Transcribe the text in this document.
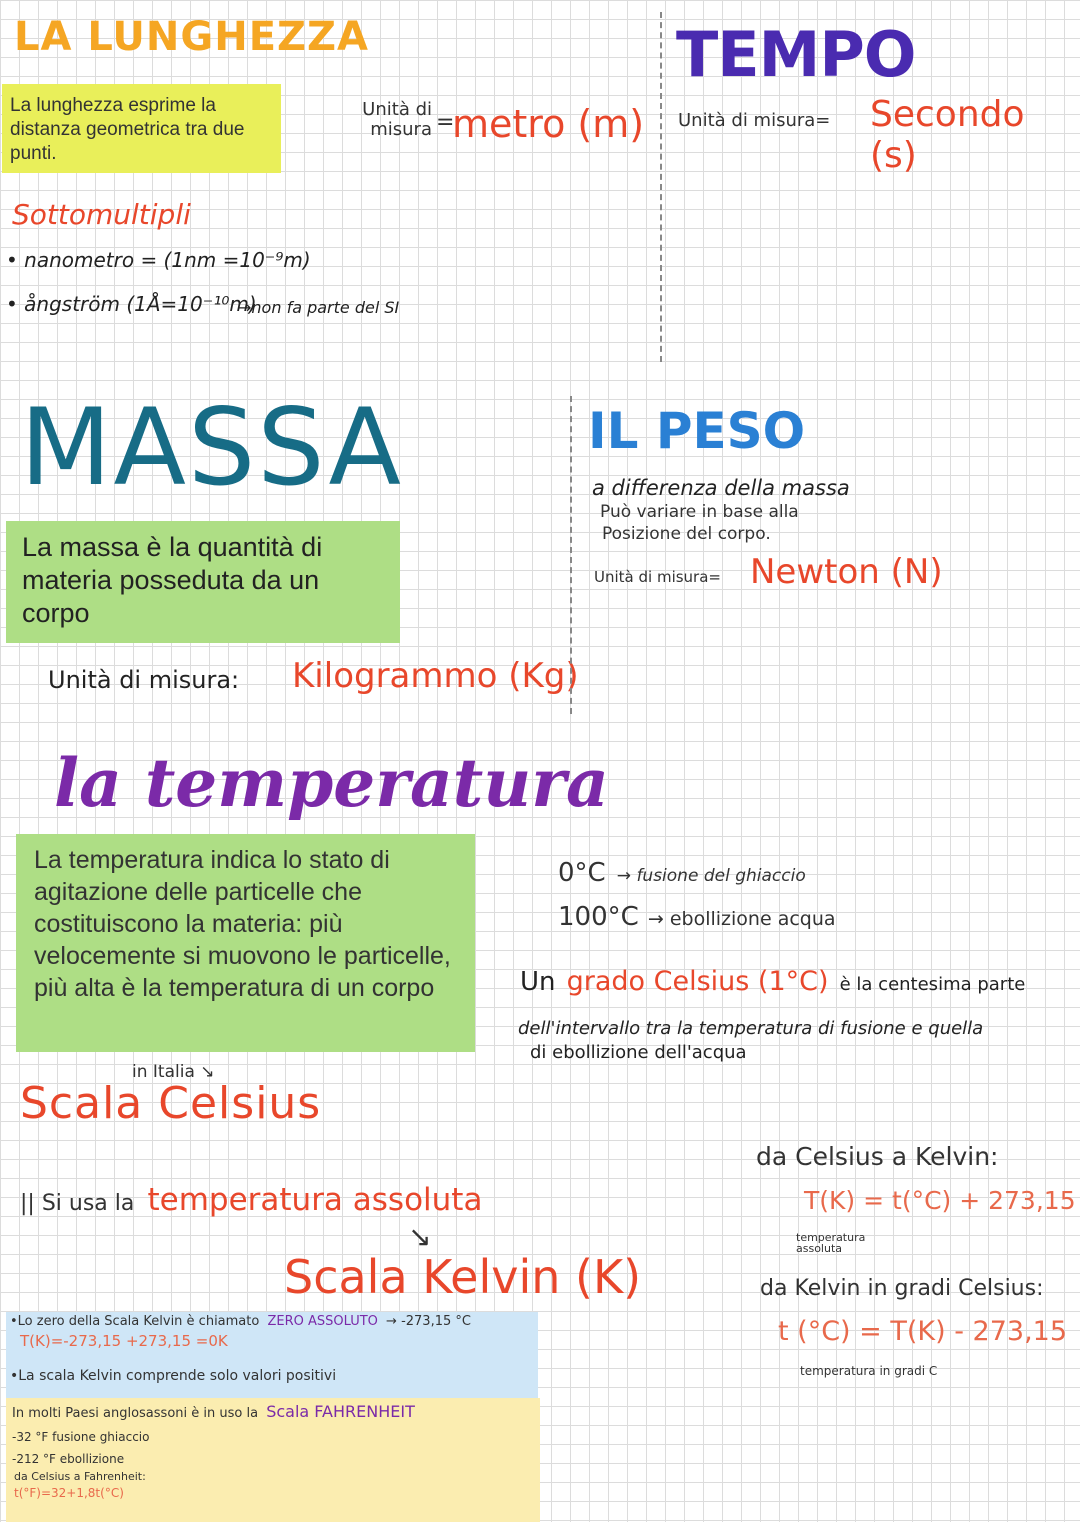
LA LUNGHEZZA
La lunghezza esprime la distanza geometrica tra due punti.
Unità di
misura =
metro (m)
Sottomultipli
• nanometro = (1nm =10⁻⁹m)
• ångström (1Å=10⁻¹⁰m)
→non fa parte del SI
TEMPO
Unità di misura= Secondo (s)
MASSA
La massa è la quantità di materia posseduta da un corpo
Unità di misura: Kilogrammo (Kg)
IL PESO
a differenza della massa
Può variare in base alla
Posizione del corpo.
Unità di misura= Newton (N)
la temperatura
La temperatura indica lo stato di agitazione delle particelle che costituiscono la materia: più velocemente si muovono le particelle, più alta è la temperatura di un corpo
0°C → fusione del ghiaccio
100°C → ebollizione acqua
Un grado Celsius (1°C) è la centesima parte
dell'intervallo tra la temperatura di fusione e quella
di ebollizione dell'acqua
in Italia ↘
Scala Celsius
|| Si usa la temperatura assoluta
↘
Scala Kelvin (K)
da Celsius a Kelvin:
T(K) = t(°C) + 273,15
temperatura assoluta
da Kelvin in gradi Celsius:
t (°C) = T(K) - 273,15
temperatura in gradi C
•Lo zero della Scala Kelvin è chiamato ZERO ASSOLUTO → -273,15 °C
T(K)=-273,15 +273,15 =0K
•La scala Kelvin comprende solo valori positivi
In molti Paesi anglosassoni è in uso la Scala FAHRENHEIT
-32 °F fusione ghiaccio
-212 °F ebollizione
da Celsius a Fahrenheit:
t(°F)=32+1,8t(°C)
